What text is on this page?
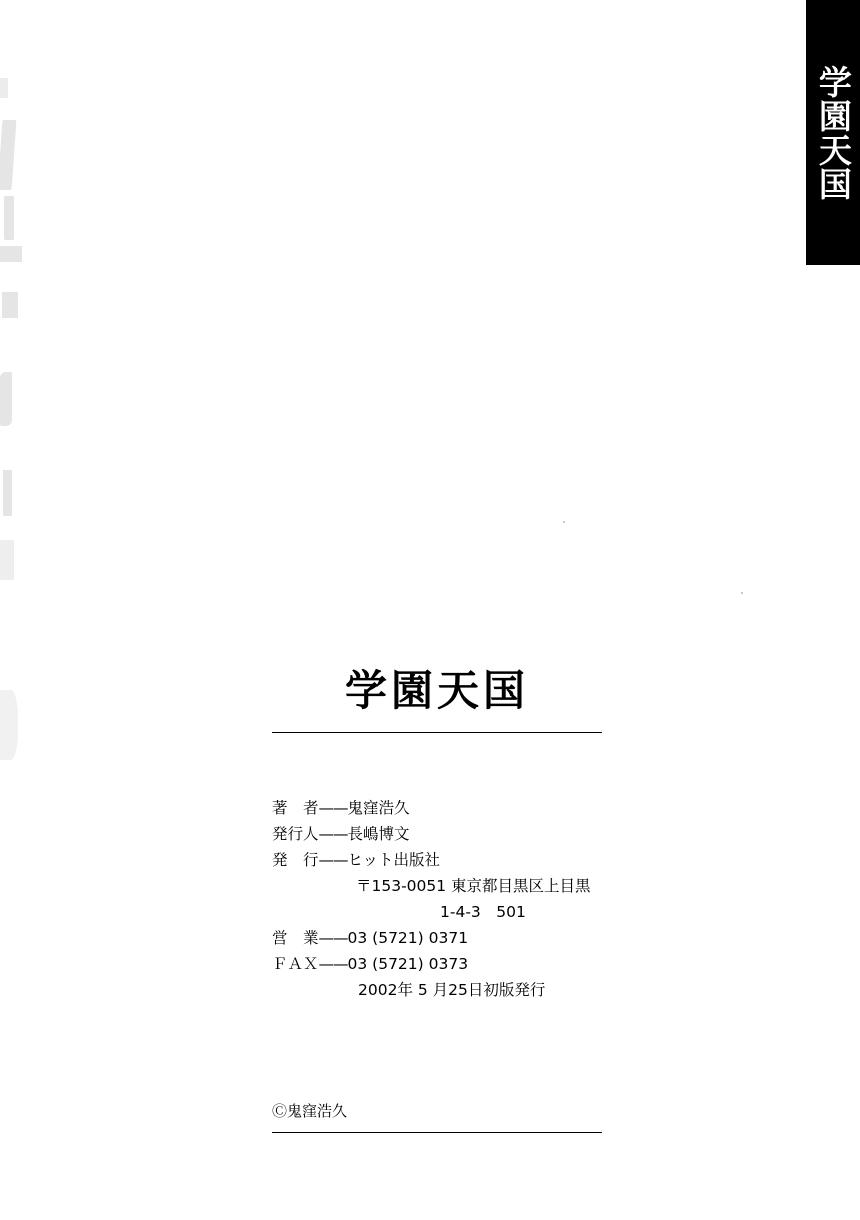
学園天国
学園天国
著　者——鬼窪浩久
発行人——長嶋博文
発　行——ヒット出版社
〒153-0051 東京都目黒区上目黒
1-4-3　501
営　業——03 (5721) 0371
ＦＡＸ——03 (5721) 0373
2002年 5 月25日初版発行
Ⓒ鬼窪浩久
